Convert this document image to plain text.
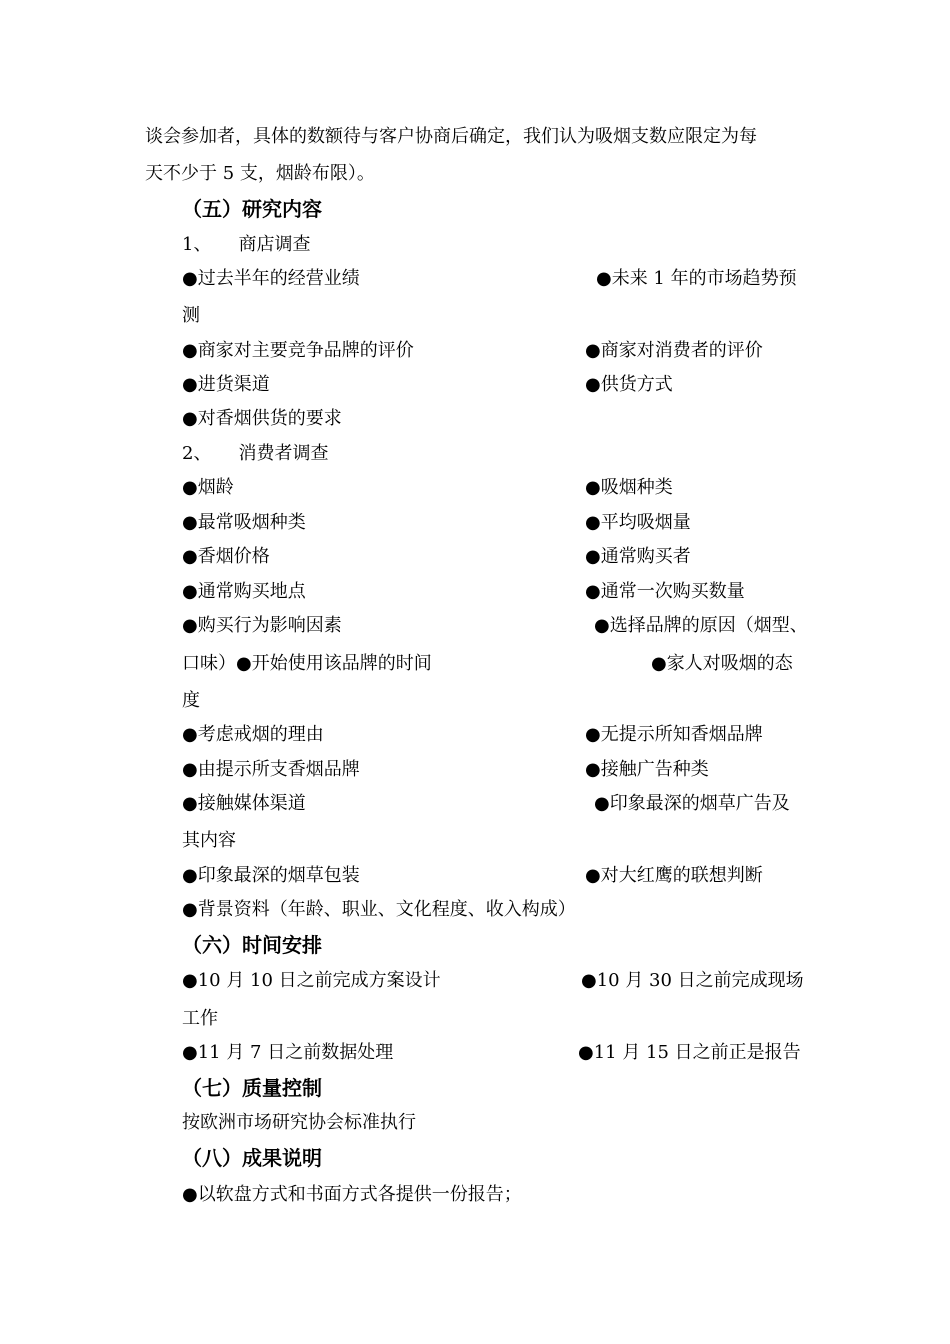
谈会参加者，具体的数额待与客户协商后确定，我们认为吸烟支数应限定为每
天不少于 5 支，烟龄布限）。
（五）研究内容
1、　　商店调查
●过去半年的经营业绩	●未来 1 年的市场趋势预
测
●商家对主要竞争品牌的评价	●商家对消费者的评价
●进货渠道	●供货方式
●对香烟供货的要求
2、　　消费者调查
●烟龄	●吸烟种类
●最常吸烟种类	●平均吸烟量
●香烟价格	●通常购买者
●通常购买地点	●通常一次购买数量
●购买行为影响因素	●选择品牌的原因（烟型、
口味）●开始使用该品牌的时间	●家人对吸烟的态
度
●考虑戒烟的理由	●无提示所知香烟品牌
●由提示所支香烟品牌	●接触广告种类
●接触媒体渠道	●印象最深的烟草广告及
其内容
●印象最深的烟草包装	●对大红鹰的联想判断
●背景资料（年龄、职业、文化程度、收入构成）
（六）时间安排
●10 月 10 日之前完成方案设计	●10 月 30 日之前完成现场
工作
●11 月 7 日之前数据处理	●11 月 15 日之前正是报告
（七）质量控制
按欧洲市场研究协会标准执行
（八）成果说明
●以软盘方式和书面方式各提供一份报告；
